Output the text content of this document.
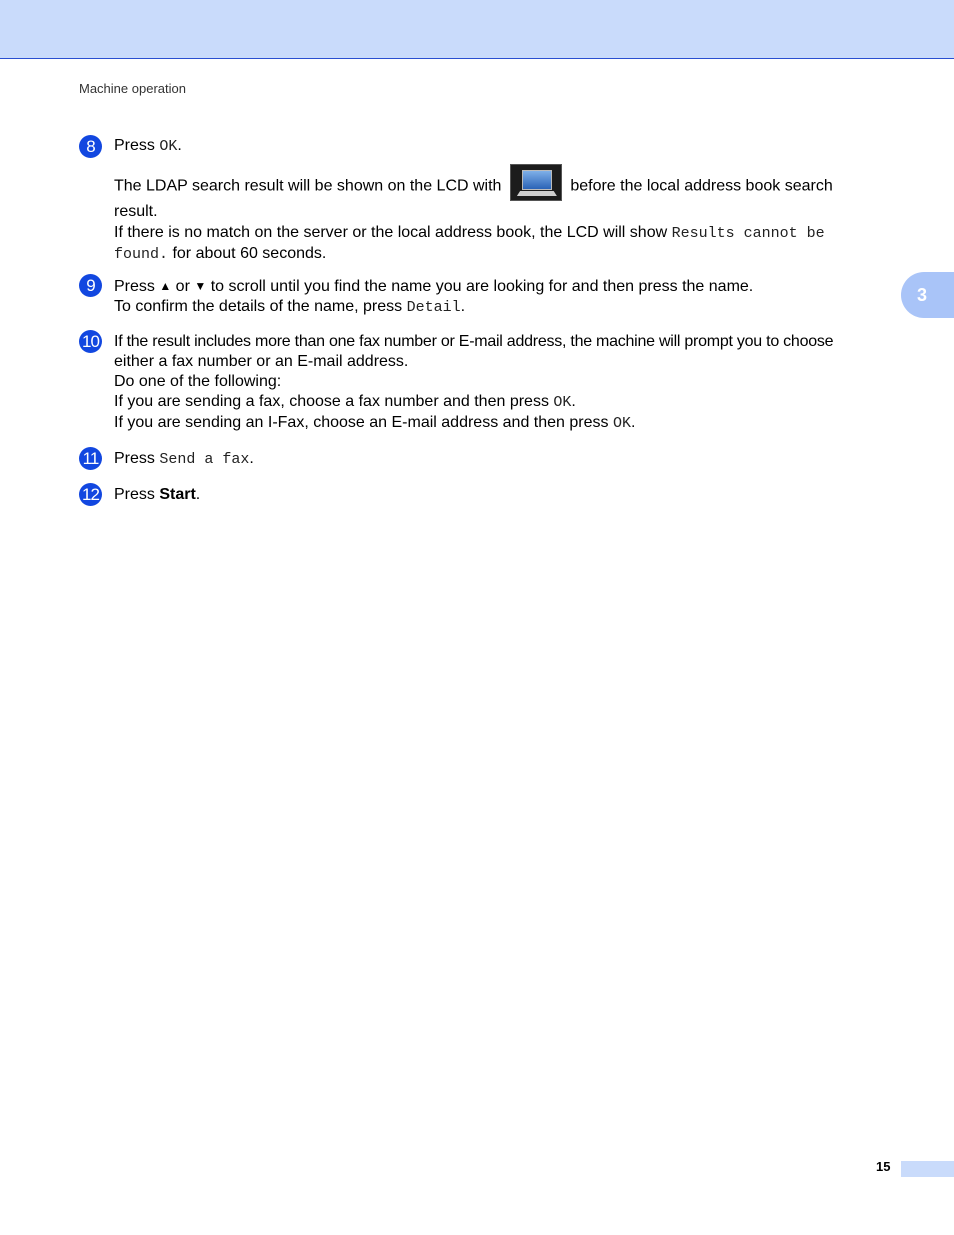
Machine operation
3
8	Press OK.
The LDAP search result will be shown on the LCD with	before the local address book search
result.
If there is no match on the server or the local address book, the LCD will show Results cannot be
found. for about 60 seconds.
9	Press ▲ or ▼ to scroll until you find the name you are looking for and then press the name.
To confirm the details of the name, press Detail.
10 If the result includes more than one fax number or E-mail address, the machine will prompt you to choose
either a fax number or an E-mail address.
Do one of the following:
If you are sending a fax, choose a fax number and then press OK.
If you are sending an I-Fax, choose an E-mail address and then press OK.
11 Press Send a fax.
12 Press Start.
15
